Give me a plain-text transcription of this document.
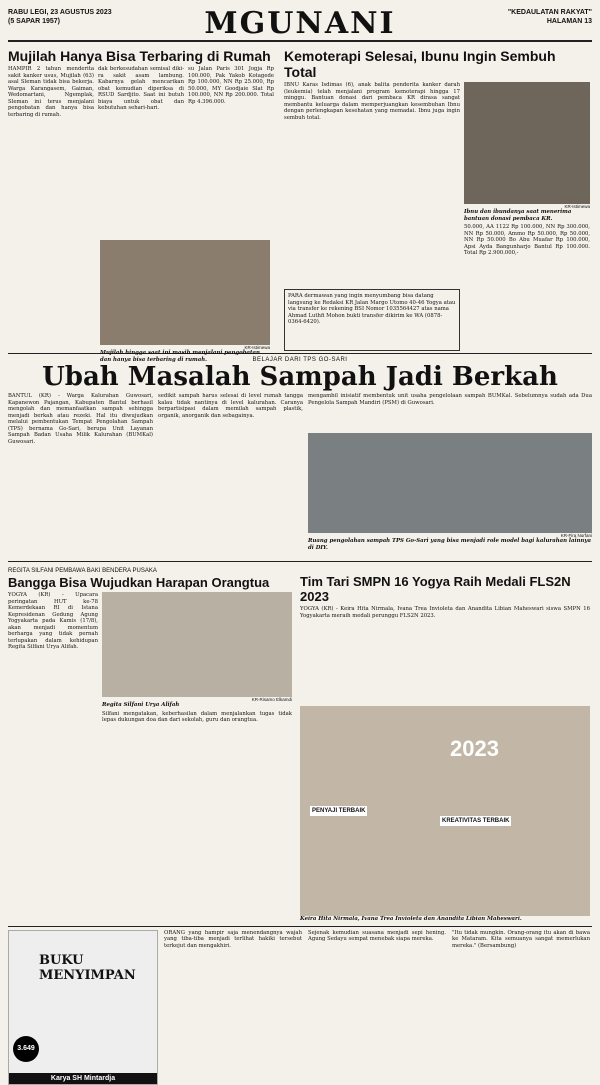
RABU LEGI, 23 AGUSTUS 2023
(5 SAPAR 1957)	MGUNANI	"KEDAULATAN RAKYAT"
HALAMAN 13
Mujilah Hanya Bisa Terbaring di Rumah
HAMPIR 2 tahun menderita sakit kanker usus, Mujilah (63) asal Sleman tidak bisa bekerja. Warga Karangasem, Gaiman, Wedomartani, Ngemplak, Sleman ini terus menjalani pengobatan dan hanya bisa terbaring di rumah.
dak berkesudahan semisal diki-ra sakit asam lambung. Kabarnya gelah mencarikan obat kemudian diperiksa di RSUD Sardjito. Saat ini butuh biaya untuk obat dan kebutuhan sehari-hari.
su Jalan Paris 301 Jogja Rp 100.000, Pak Yakob Kotagede Rp 100.000, NN Rp 25.000, Rp 50.000, MY Goodjaie Slat Rp 100.000, NN Rp 200.000. Total Rp 4.396.000.
KR-Istimewa
Mujilah hingga saat ini masih menjalani pengobatan dan hanya bisa terbaring di rumah.
Kemoterapi Selesai, Ibunu Ingin Sembuh Total
IBNU Karas Isdimas (6), anak balita penderita kanker darah (leukemia) telah menjalani program kemoterapi hingga 17 minggu. Bantuan donasi dari pembaca KR dirasa sangat membantu keluarga dalam memperjuangkan kesembuhan Ibnu dengan perlengkapan kesehatan yang memadai. Ibnu juga ingin sembuh total.
PARA dermawan yang ingin menyumbang bisa datang langsung ke Redaksi KR Jalan Margo Utomo 40-46 Yogya atau via transfer ke rekening BSI Nomor 1035564427 atas nama Ahmad Luthfi Mohon bukti transfer dikirim ke WA (0878-0364-6420).
KR-Istimewa
Ibnu dan ibundanya saat menerima bantuan donasi pembaca KR.
50.000, AA 1122 Rp 100.000, NN Rp 300.000, NN Rp 50.000, Ammo Rp 50.000, Rp 50.000, NN Rp 50.000 Bo Abu Muafar Rp 100.000, Apsi Ayda Bangunharjo Bantul Rp 100.000. Total Rp 2.900.000,-
BELAJAR DARI TPS GO-SARI
Ubah Masalah Sampah Jadi Berkah
BANTUL (KR) - Warga Kalurahan Guwosari, Kapanewon Pajangan, Kabupaten Bantul berhasil mengolah dan memanfaatkan sampah sehingga menjadi berkah atau rezeki. Hal itu diwujudkan melalui pembentukan Tempat Pengolahan Sampah (TPS) bernama Go-Sari, berupa Unit Layanan Sampah Badan Usaha Milik Kalurahan (BUMKal) Guwosari.
sedikit sampah harus selesai di level rumah tangga kalau tidak nantinya di level kalurahan. Caranya berpartisipasi dalam memilah sampah plastik, organik, anorganik dan sebagainya.
mengambil inisiatif membentuk unit usaha pengelolaan sampah BUMKal. Sebelumnya sudah ada Dua Pengelola Sampah Mandiri (PSM) di Guwosari.
KR-Fira Nurfani
Ruang pengolahan sampah TPS Go-Sari yang bisa menjadi role model bagi kalurahan lainnya di DIY.
REGITA SILFANI PEMBAWA BAKI BENDERA PUSAKA
Bangga Bisa Wujudkan Harapan Orangtua
YOGYA (KR) - Upacara peringatan HUT ke-78 Kemerdekaan RI di Istana Kepresidenan Gedung Agung Yogyakarta pada Kamis (17/8), akan menjadi momentum berharga yang tidak pernah terlupakan dalam kehidupan Regita Silfani Urya Alifah.
KR-Risamo Elkamdi
Regita Silfani Urya Alifah
Silfani mengatakan, keberhasilan dalam menjalankan tugas tidak lepas dukungan doa dan dari sekolah, guru dan orangtua.
Tim Tari SMPN 16 Yogya Raih Medali FLS2N 2023
YOGYA (KR) - Keira Hita Nirmala, Ivana Trea Invioleta dan Anandita Libian Maheswari siswa SMPN 16 Yogyakarta meraih medali perunggu FLS2N 2023.
PENYAJI TERBAIK
KREATIVITAS TERBAIK
2023
Keira Hita Nirmala, Ivana Trea Invioleta dan Anandita Libian Maheswari.
BUKU MENYIMPAN
3.649
Karya SH Mintardja
ORANG yang hampir saja menendangnya wajah yang tiba-tiba menjadi terlihat hakiki tersebut terkejut dan mengakhiri.
Sejenak kemudian suasana menjadi sepi hening. Agung Sedayu sempat menebak siapa mereka.
"Itu tidak mungkin. Orang-orang itu akan di bawa ke Mataram. Kita semuanya sangat memerlukan mereka." (Bersambung)
